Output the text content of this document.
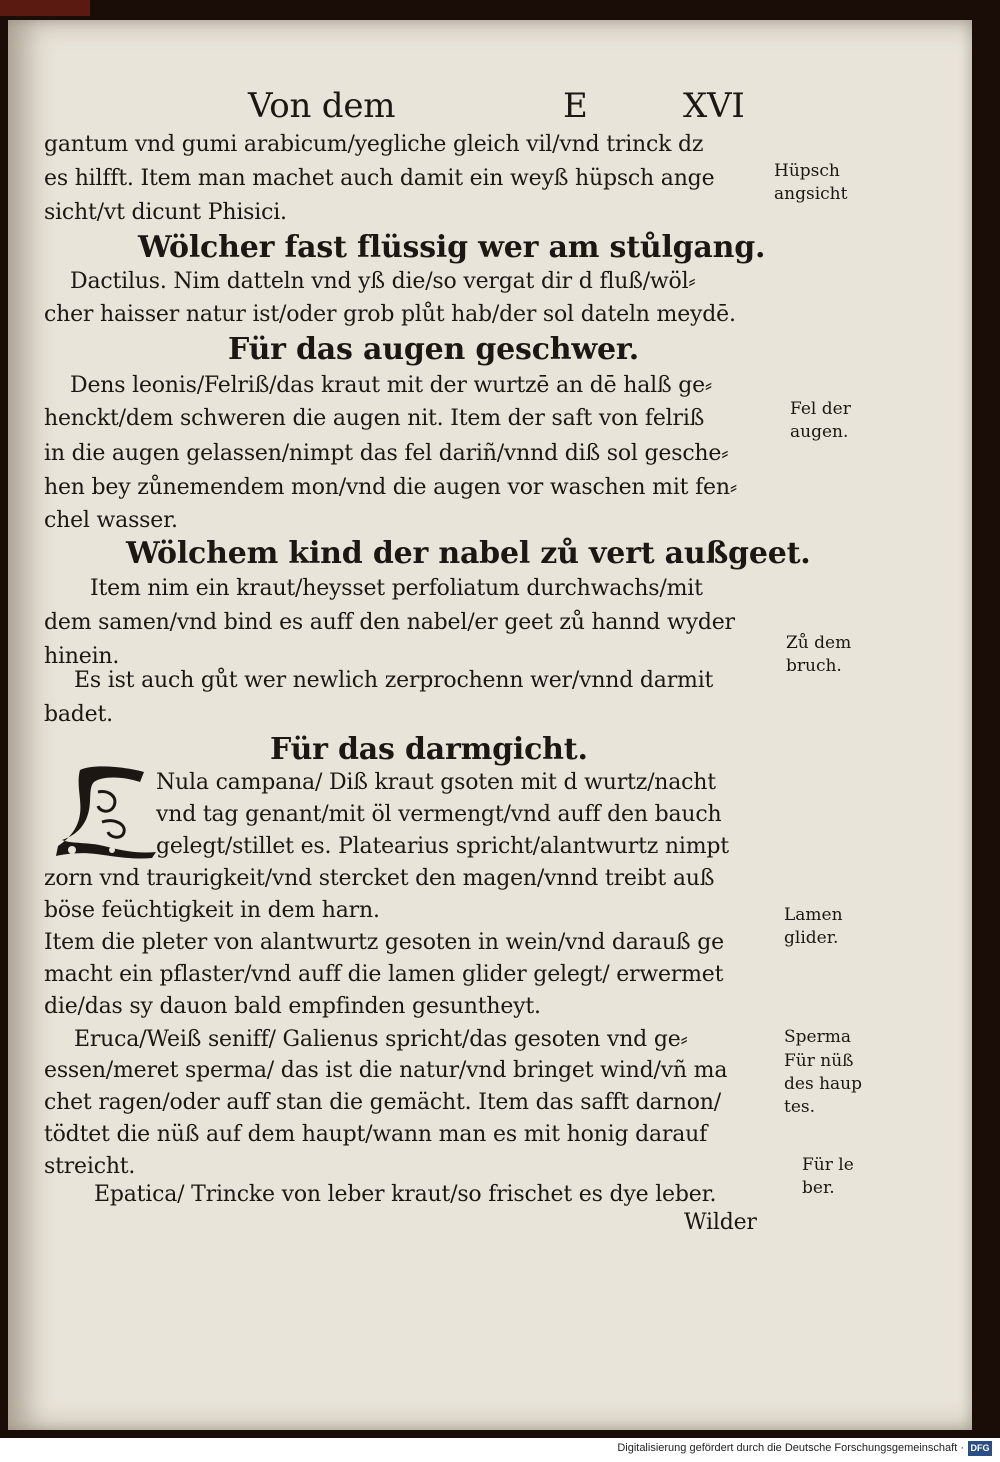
Von dem	E	XVI
gantum vnd gumi arabicum/yegliche gleich vil/vnd trinck dz
es hilfft. Item man machet auch damit ein weyß hüpsch ange
sicht/vt dicunt Phisici.
Wölcher fast flüssig wer am stůlgang.
Dactilus. Nim datteln vnd yß die/so vergat dir d fluß/wöl⸗
cher haisser natur ist/oder grob plůt hab/der sol dateln meydē.
Für das augen geschwer.
Dens leonis/Felriß/das kraut mit der wurtzē an dē halß ge⸗
henckt/dem schweren die augen nit. Item der saft von felriß
in die augen gelassen/nimpt das fel dariñ/vnnd diß sol gesche⸗
hen bey zůnemendem mon/vnd die augen vor waschen mit fen⸗
chel wasser.
Wölchem kind der nabel zů vert außgeet.
Item nim ein kraut/heysset perfoliatum durchwachs/mit
dem samen/vnd bind es auff den nabel/er geet zů hannd wyder
hinein.
Es ist auch gůt wer newlich zerprochenn wer/vnnd darmit
badet.
Für das darmgicht.
Nula campana/ Diß kraut gsoten mit d wurtz/nacht
vnd tag genant/mit öl vermengt/vnd auff den bauch
gelegt/stillet es. Platearius spricht/alantwurtz nimpt
zorn vnd traurigkeit/vnd stercket den magen/vnnd treibt auß
böse feüchtigkeit in dem harn.
Item die pleter von alantwurtz gesoten in wein/vnd darauß ge
macht ein pflaster/vnd auff die lamen glider gelegt/ erwermet
die/das sy dauon bald empfinden gesuntheyt.
Eruca/Weiß seniff/ Galienus spricht/das gesoten vnd ge⸗
essen/meret sperma/ das ist die natur/vnd bringet wind/vñ ma
chet ragen/oder auff stan die gemächt. Item das safft darnon/
tödtet die nüß auf dem haupt/wann man es mit honig darauf
streicht.
Epatica/ Trincke von leber kraut/so frischet es dye leber.
Wilder
Hüpsch
angsicht
Fel der
augen.
Zů dem
bruch.
Lamen
glider.
Sperma
Für nüß
des haup
tes.
Für le
ber.
Digitalisierung gefördert durch die Deutsche Forschungsgemeinschaft · DFG
